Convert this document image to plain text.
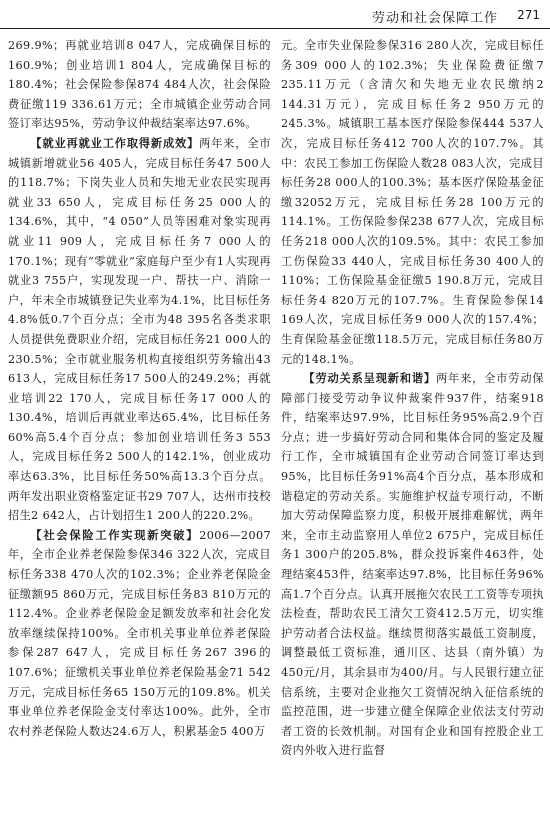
劳动和社会保障工作 271

269.9%；再就业培训8 047人，完成确保目标的160.9%；创业培训1 804人，完成确保目标的180.4%；社会保险参保874 484人次，社会保险费征缴119 336.61万元；全市城镇企业劳动合同签订率达95%，劳动争议仲裁结案率达97.6%。

【就业再就业工作取得新成效】两年来，全市城镇新增就业56 405人，完成目标任务47 500人的118.7%；下岗失业人员和失地无业农民实现再就业33 650人，完成目标任务25 000人的134.6%，其中，“4 050”人员等困难对象实现再就业11 909人，完成目标任务7 000人的170.1%；现有“零就业”家庭每户至少有1人实现再就业3 755户，实现发现一户、帮扶一户、消除一户，年末全市城镇登记失业率为4.1%，比目标任务4.8%低0.7个百分点；全市为48 395名各类求职人员提供免费职业介绍，完成目标任务21 000人的230.5%；全市就业服务机构直接组织劳务输出43 613人，完成目标任务17 500人的249.2%；再就业培训22 170人，完成目标任务17 000人的130.4%，培训后再就业率达65.4%，比目标任务60%高5.4个百分点；参加创业培训任务3 553人，完成目标任务2 500人的142.1%，创业成功率达63.3%，比目标任务50%高13.3个百分点。两年发出职业资格鉴定证书29 707人，达州市技校招生2 642人，占计划招生1 200人的220.2%。

【社会保险工作实现新突破】2006—2007年，全市企业养老保险参保346 322人次，完成目标任务338 470人次的102.3%；企业养老保险金征缴额95 860万元，完成目标任务83 810万元的112.4%。企业养老保险金足额发放率和社会化发放率继续保持100%。全市机关事业单位养老保险参保287 647人，完成目标任务267 396的107.6%；征缴机关事业单位养老保险基金71 542万元，完成目标任务65 150万元的109.8%。机关事业单位养老保险金支付率达100%。此外，全市农村养老保险人数达24.6万人，积累基金5 400万

元。全市失业保险参保316 280人次，完成目标任务309 000人的102.3%；失业保险费征缴7 235.11万元（含清欠和失地无业农民缴纳2 144.31万元），完成目标任务2 950万元的245.3%。城镇职工基本医疗保险参保444 537人次，完成目标任务412 700人次的107.7%。其中：农民工参加工伤保险人数28 083人次，完成目标任务28 000人的100.3%；基本医疗保险基金征缴32052万元，完成目标任务28 100万元的114.1%。工伤保险参保238 677人次，完成目标任务218 000人次的109.5%。其中：农民工参加工伤保险33 440人，完成目标任务30 400人的110%；工伤保险基金征缴5 190.8万元，完成目标任务4 820万元的107.7%。生育保险参保14 169人次，完成目标任务9 000人次的157.4%；生育保险基金征缴118.5万元，完成目标任务80万元的148.1%。

【劳动关系呈现新和谐】两年来，全市劳动保障部门接受劳动争议仲裁案件937件，结案918件，结案率达97.9%，比目标任务95%高2.9个百分点；进一步搞好劳动合同和集体合同的鉴定及履行工作，全市城镇国有企业劳动合同签订率达到95%，比目标任务91%高4个百分点，基本形成和谐稳定的劳动关系。实施维护权益专项行动，不断加大劳动保障监察力度，积极开展排难解忧，两年来，全市主动监察用人单位2 675户，完成目标任务1 300户的205.8%，群众投诉案件463件，处理结案453件，结案率达97.8%，比目标任务96%高1.7个百分点。认真开展拖欠农民工工资等专项执法检查，帮助农民工清欠工资412.5万元，切实维护劳动者合法权益。继续贯彻落实最低工资制度，调整最低工资标准，通川区、达县（南外镇）为450元/月，其余县市为400/月。与人民银行建立征信系统，主要对企业拖欠工资情况纳入征信系统的监控范围，进一步建立健全保障企业依法支付劳动者工资的长效机制。对国有企业和国有控股企业工资内外收入进行监督
